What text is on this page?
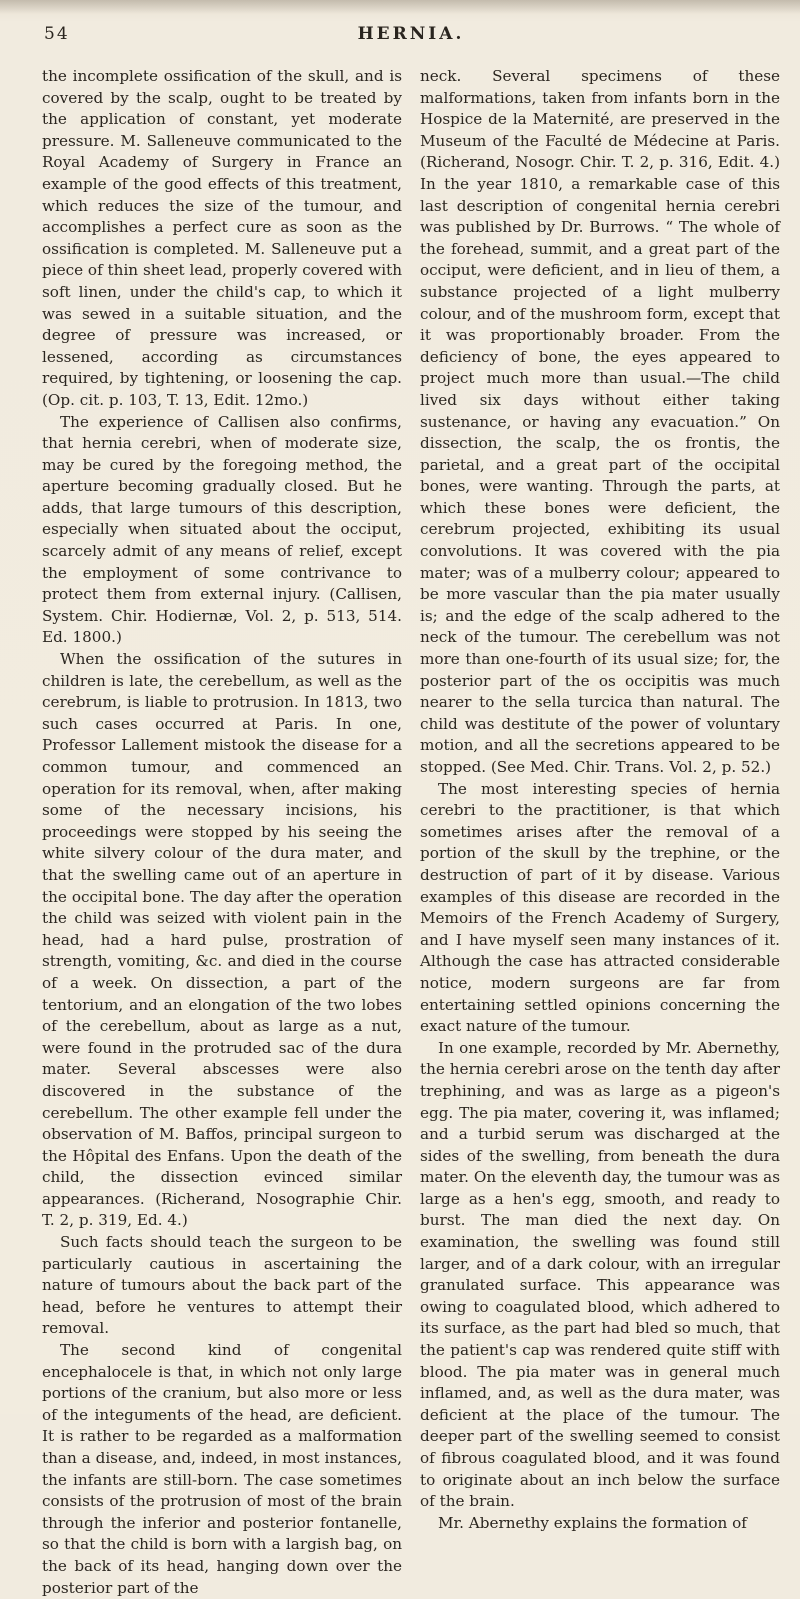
54	HERNIA.

the incomplete ossification of the skull, and is covered by the scalp, ought to be treated by the application of constant, yet moderate pressure. M. Salleneuve communicated to the Royal Academy of Surgery in France an example of the good effects of this treatment, which reduces the size of the tumour, and accomplishes a perfect cure as soon as the ossification is completed. M. Salleneuve put a piece of thin sheet lead, properly covered with soft linen, under the child's cap, to which it was sewed in a suitable situation, and the degree of pressure was increased, or lessened, according as circumstances required, by tightening, or loosening the cap. (Op. cit. p. 103, T. 13, Edit. 12mo.)

The experience of Callisen also confirms, that hernia cerebri, when of moderate size, may be cured by the foregoing method, the aperture becoming gradually closed. But he adds, that large tumours of this description, especially when situated about the occiput, scarcely admit of any means of relief, except the employment of some contrivance to protect them from external injury. (Callisen, System. Chir. Hodiernæ, Vol. 2, p. 513, 514. Ed. 1800.)

When the ossification of the sutures in children is late, the cerebellum, as well as the cerebrum, is liable to protrusion. In 1813, two such cases occurred at Paris. In one, Professor Lallement mistook the disease for a common tumour, and commenced an operation for its removal, when, after making some of the necessary incisions, his proceedings were stopped by his seeing the white silvery colour of the dura mater, and that the swelling came out of an aperture in the occipital bone. The day after the operation the child was seized with violent pain in the head, had a hard pulse, prostration of strength, vomiting, &c. and died in the course of a week. On dissection, a part of the tentorium, and an elongation of the two lobes of the cerebellum, about as large as a nut, were found in the protruded sac of the dura mater. Several abscesses were also discovered in the substance of the cerebellum. The other example fell under the observation of M. Baffos, principal surgeon to the Hôpital des Enfans. Upon the death of the child, the dissection evinced similar appearances. (Richerand, Nosographie Chir. T. 2, p. 319, Ed. 4.)

Such facts should teach the surgeon to be particularly cautious in ascertaining the nature of tumours about the back part of the head, before he ventures to attempt their removal.

The second kind of congenital encephalocele is that, in which not only large portions of the cranium, but also more or less of the integuments of the head, are deficient. It is rather to be regarded as a malformation than a disease, and, indeed, in most instances, the infants are still-born. The case sometimes consists of the protrusion of most of the brain through the inferior and posterior fontanelle, so that the child is born with a largish bag, on the back of its head, hanging down over the posterior part of the

neck. Several specimens of these malformations, taken from infants born in the Hospice de la Maternité, are preserved in the Museum of the Faculté de Médecine at Paris. (Richerand, Nosogr. Chir. T. 2, p. 316, Edit. 4.) In the year 1810, a remarkable case of this last description of congenital hernia cerebri was published by Dr. Burrows. “ The whole of the forehead, summit, and a great part of the occiput, were deficient, and in lieu of them, a substance projected of a light mulberry colour, and of the mushroom form, except that it was proportionably broader. From the deficiency of bone, the eyes appeared to project much more than usual.—The child lived six days without either taking sustenance, or having any evacuation.” On dissection, the scalp, the os frontis, the parietal, and a great part of the occipital bones, were wanting. Through the parts, at which these bones were deficient, the cerebrum projected, exhibiting its usual convolutions. It was covered with the pia mater; was of a mulberry colour; appeared to be more vascular than the pia mater usually is; and the edge of the scalp adhered to the neck of the tumour. The cerebellum was not more than one-fourth of its usual size; for, the posterior part of the os occipitis was much nearer to the sella turcica than natural. The child was destitute of the power of voluntary motion, and all the secretions appeared to be stopped. (See Med. Chir. Trans. Vol. 2, p. 52.)

The most interesting species of hernia cerebri to the practitioner, is that which sometimes arises after the removal of a portion of the skull by the trephine, or the destruction of part of it by disease. Various examples of this disease are recorded in the Memoirs of the French Academy of Surgery, and I have myself seen many instances of it. Although the case has attracted considerable notice, modern surgeons are far from entertaining settled opinions concerning the exact nature of the tumour.

In one example, recorded by Mr. Abernethy, the hernia cerebri arose on the tenth day after trephining, and was as large as a pigeon's egg. The pia mater, covering it, was inflamed; and a turbid serum was discharged at the sides of the swelling, from beneath the dura mater. On the eleventh day, the tumour was as large as a hen's egg, smooth, and ready to burst. The man died the next day. On examination, the swelling was found still larger, and of a dark colour, with an irregular granulated surface. This appearance was owing to coagulated blood, which adhered to its surface, as the part had bled so much, that the patient's cap was rendered quite stiff with blood. The pia mater was in general much inflamed, and, as well as the dura mater, was deficient at the place of the tumour. The deeper part of the swelling seemed to consist of fibrous coagulated blood, and it was found to originate about an inch below the surface of the brain.

Mr. Abernethy explains the formation of
